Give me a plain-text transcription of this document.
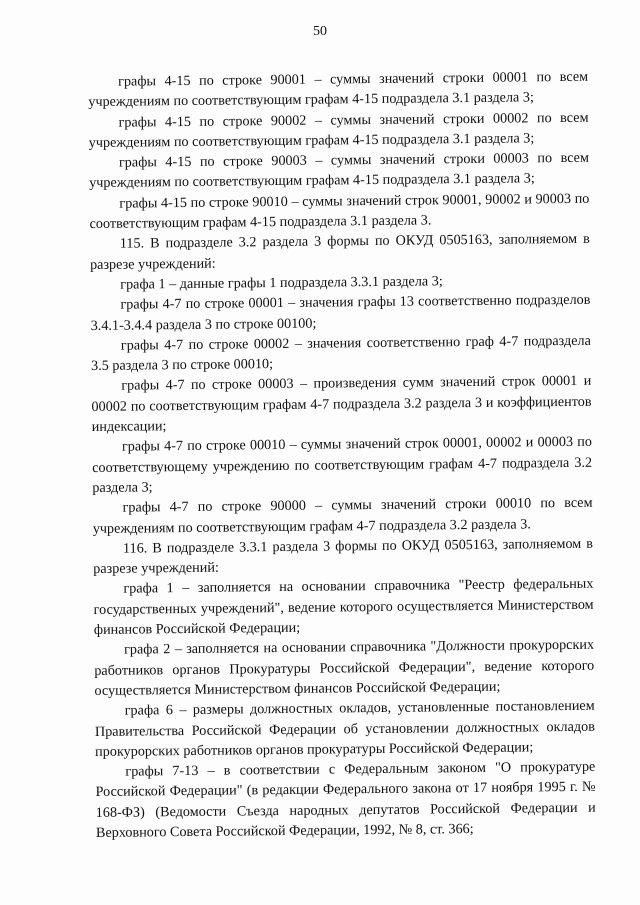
50

графы 4-15 по строке 90001 – суммы значений строки 00001 по всем учреждениям по соответствующим графам 4-15 подраздела 3.1 раздела 3;

графы 4-15 по строке 90002 – суммы значений строки 00002 по всем учреждениям по соответствующим графам 4-15 подраздела 3.1 раздела 3;

графы 4-15 по строке 90003 – суммы значений строки 00003 по всем учреждениям по соответствующим графам 4-15 подраздела 3.1 раздела 3;

графы 4-15 по строке 90010 – суммы значений строк 90001, 90002 и 90003 по соответствующим графам 4-15 подраздела 3.1 раздела 3.

115. В подразделе 3.2 раздела 3 формы по ОКУД 0505163, заполняемом в разрезе учреждений:

графа 1 – данные графы 1 подраздела 3.3.1 раздела 3;

графы 4-7 по строке 00001 – значения графы 13 соответственно подразделов 3.4.1-3.4.4 раздела 3 по строке 00100;

графы 4-7 по строке 00002 – значения соответственно граф 4-7 подраздела 3.5 раздела 3 по строке 00010;

графы 4-7 по строке 00003 – произведения сумм значений строк 00001 и 00002 по соответствующим графам 4-7 подраздела 3.2 раздела 3 и коэффициентов индексации;

графы 4-7 по строке 00010 – суммы значений строк 00001, 00002 и 00003 по соответствующему учреждению по соответствующим графам 4-7 подраздела 3.2 раздела 3;

графы 4-7 по строке 90000 – суммы значений строки 00010 по всем учреждениям по соответствующим графам 4-7 подраздела 3.2 раздела 3.

116. В подразделе 3.3.1 раздела 3 формы по ОКУД 0505163, заполняемом в разрезе учреждений:

графа 1 – заполняется на основании справочника "Реестр федеральных государственных учреждений", ведение которого осуществляется Министерством финансов Российской Федерации;

графа 2 – заполняется на основании справочника "Должности прокурорских работников органов Прокуратуры Российской Федерации", ведение которого осуществляется Министерством финансов Российской Федерации;

графа 6 – размеры должностных окладов, установленные постановлением Правительства Российской Федерации об установлении должностных окладов прокурорских работников органов прокуратуры Российской Федерации;

графы 7-13 – в соответствии с Федеральным законом "О прокуратуре Российской Федерации" (в редакции Федерального закона от 17 ноября 1995 г. № 168-ФЗ) (Ведомости Съезда народных депутатов Российской Федерации и Верховного Совета Российской Федерации, 1992, № 8, ст. 366;
